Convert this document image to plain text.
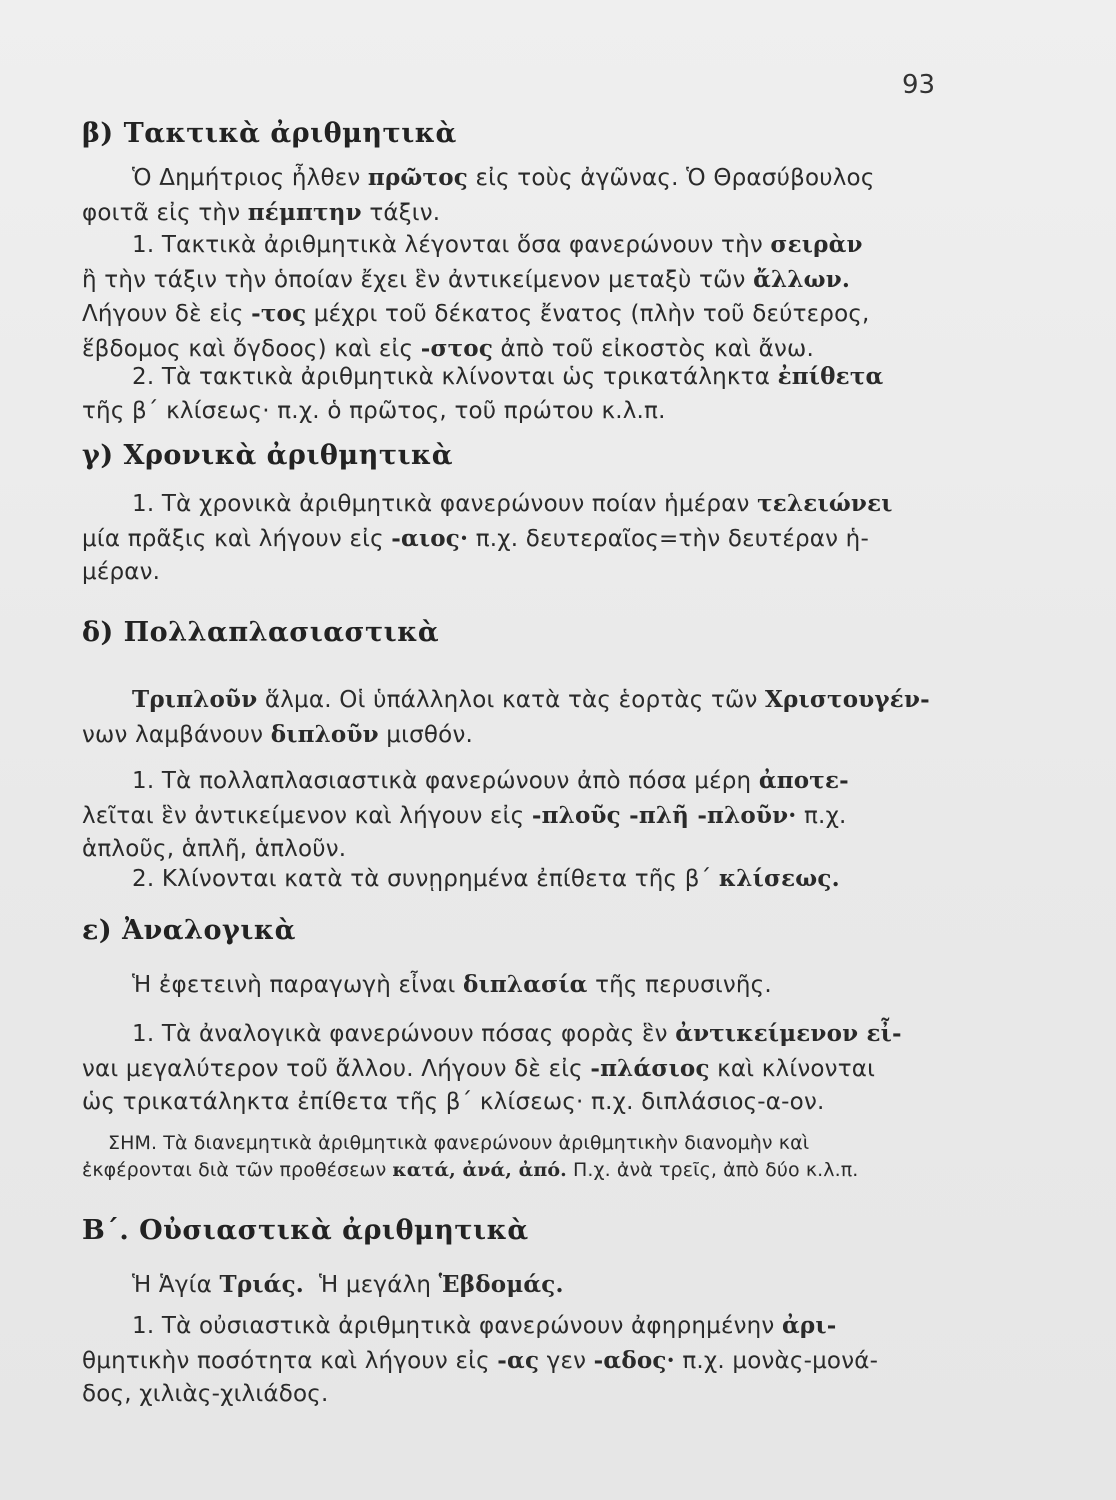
93
β) Τακτικὰ ἀριθμητικὰ
Ὁ Δημήτριος ἦλθεν πρῶτος εἰς τοὺς ἀγῶνας. Ὁ Θρασύβουλος
φοιτᾶ εἰς τὴν πέμπτην τάξιν.
1. Τακτικὰ ἀριθμητικὰ λέγονται ὅσα φανερώνουν τὴν σειρὰν
ἢ τὴν τάξιν τὴν ὁποίαν ἔχει ἓν ἀντικείμενον μεταξὺ τῶν ἄλλων.
Λήγουν δὲ εἰς -τος μέχρι τοῦ δέκατος ἔνατος (πλὴν τοῦ δεύτερος,
ἕβδομος καὶ ὄγδοος) καὶ εἰς -στος ἀπὸ τοῦ εἰκοστὸς καὶ ἄνω.
2. Τὰ τακτικὰ ἀριθμητικὰ κλίνονται ὡς τρικατάληκτα ἐπίθετα
τῆς β΄ κλίσεως· π.χ. ὁ πρῶτος, τοῦ πρώτου κ.λ.π.
γ) Χρονικὰ ἀριθμητικὰ
1. Τὰ χρονικὰ ἀριθμητικὰ φανερώνουν ποίαν ἡμέραν τελειώνει
μία πρᾶξις καὶ λήγουν εἰς -αιος· π.χ. δευτεραῖος=τὴν δευτέραν ἡ-
μέραν.
δ) Πολλαπλασιαστικὰ
Τριπλοῦν ἅλμα. Οἱ ὑπάλληλοι κατὰ τὰς ἑορτὰς τῶν Χριστουγέν-
νων λαμβάνουν διπλοῦν μισθόν.
1. Τὰ πολλαπλασιαστικὰ φανερώνουν ἀπὸ πόσα μέρη ἀποτε-
λεῖται ἓν ἀντικείμενον καὶ λήγουν εἰς -πλοῦς -πλῆ -πλοῦν· π.χ.
ἁπλοῦς, ἁπλῆ, ἁπλοῦν.
2. Κλίνονται κατὰ τὰ συνῃρημένα ἐπίθετα τῆς β΄ κλίσεως.
ε) Ἀναλογικὰ
Ἡ ἐφετεινὴ παραγωγὴ εἶναι διπλασία τῆς περυσινῆς.
1. Τὰ ἀναλογικὰ φανερώνουν πόσας φορὰς ἓν ἀντικείμενον εἶ-
ναι μεγαλύτερον τοῦ ἄλλου. Λήγουν δὲ εἰς -πλάσιος καὶ κλίνονται
ὡς τρικατάληκτα ἐπίθετα τῆς β΄ κλίσεως· π.χ. διπλάσιος-α-ον.
ΣΗΜ. Τὰ διανεμητικὰ ἀριθμητικὰ φανερώνουν ἀριθμητικὴν διανομὴν καὶ
ἐκφέρονται διὰ τῶν προθέσεων κατά, ἀνά, ἀπό. Π.χ. ἀνὰ τρεῖς, ἀπὸ δύο κ.λ.π.
Β΄. Οὐσιαστικὰ ἀριθμητικὰ
Ἡ Ἁγία Τριάς.  Ἡ μεγάλη Ἑβδομάς.
1. Τὰ οὐσιαστικὰ ἀριθμητικὰ φανερώνουν ἀφηρημένην ἀρι-
θμητικὴν ποσότητα καὶ λήγουν εἰς -ας γεν -αδος· π.χ. μονὰς-μονά-
δος, χιλιὰς-χιλιάδος.
